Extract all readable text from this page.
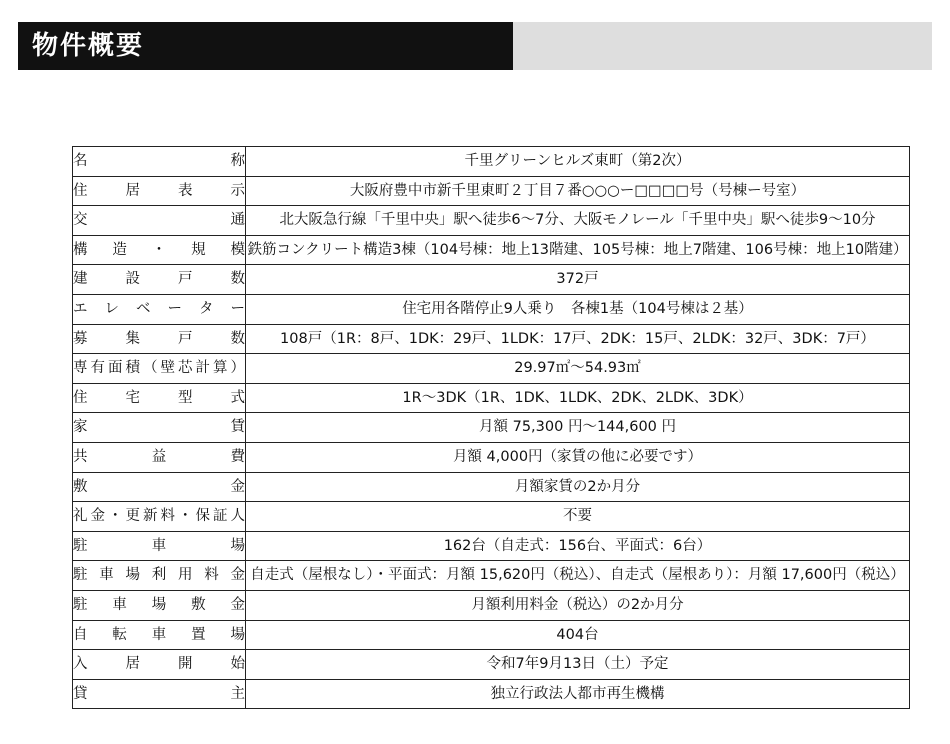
物件概要
名称	千里グリーンヒルズ東町（第2次）

住居表示	大阪府豊中市新千里東町２丁目７番○○○ー□□□□号（号棟ー号室）

交通	北大阪急行線「千里中央」駅へ徒歩6〜7分、大阪モノレール「千里中央」駅へ徒歩9〜10分

構造・規模	鉄筋コンクリート構造3棟（104号棟：地上13階建、105号棟：地上7階建、106号棟：地上10階建）

建設戸数	372戸

エレベーター	住宅用各階停止9人乗り　各棟1基（104号棟は２基）

募集戸数	108戸（1R：8戸、1DK：29戸、1LDK：17戸、2DK：15戸、2LDK：32戸、3DK：7戸）

専有面積（壁芯計算）	29.97㎡〜54.93㎡

住宅型式	1R〜3DK（1R、1DK、1LDK、2DK、2LDK、3DK）

家賃	月額 75,300 円〜144,600 円

共益費	月額 4,000円（家賃の他に必要です）

敷金	月額家賃の2か月分

礼金・更新料・保証人	不要

駐車場	162台（自走式：156台、平面式：6台）

駐車場利用料金	自走式（屋根なし）・平面式：月額 15,620円（税込）、自走式（屋根あり）：月額 17,600円（税込）

駐車場敷金	月額利用料金（税込）の2か月分

自転車置場	404台

入居開始	令和7年9月13日（土）予定

貸主	独立行政法人都市再生機構
